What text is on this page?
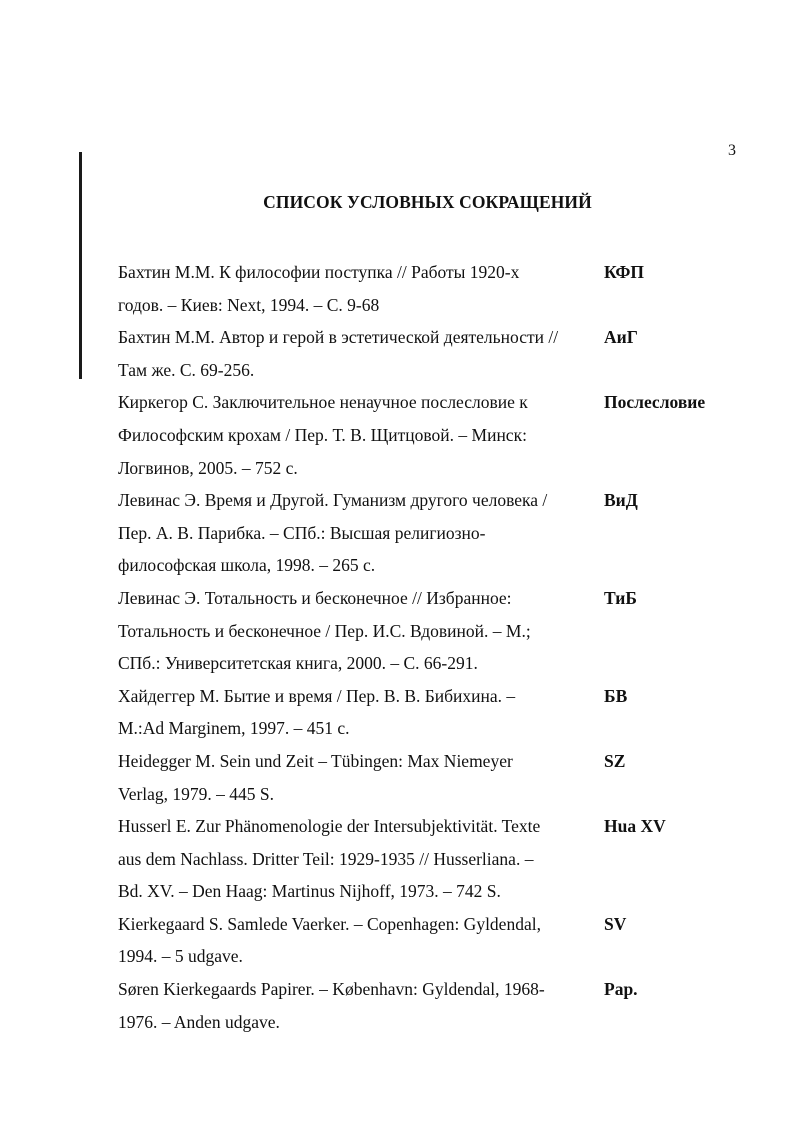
3
СПИСОК УСЛОВНЫХ СОКРАЩЕНИЙ
Бахтин М.М. К философии поступка // Работы 1920-х
годов. – Киев: Next, 1994. – С. 9-68
КФП
Бахтин М.М. Автор и герой в эстетической деятельности //
Там же. С. 69-256.
АиГ
Киркегор С. Заключительное ненаучное послесловие к
Философским крохам / Пер. Т. В. Щитцовой. – Минск:
Логвинов, 2005. – 752 с.
Послесловие
Левинас Э. Время и Другой. Гуманизм другого человека /
Пер. А. В. Парибка. – СПб.: Высшая религиозно-
философская школа, 1998. – 265 с.
ВиД
Левинас Э. Тотальность и бесконечное // Избранное:
Тотальность и бесконечное / Пер. И.С. Вдовиной. – М.;
СПб.: Университетская книга, 2000. – С. 66-291.
ТиБ
Хайдеггер М. Бытие и время / Пер. В. В. Бибихина. –
М.:Ad Marginem, 1997. – 451 с.
БВ
Heidegger M. Sein und Zeit – Tübingen: Max Niemeyer
Verlag, 1979. – 445 S.
SZ
Husserl E. Zur Phänomenologie der Intersubjektivität. Texte
aus dem Nachlass. Dritter Teil: 1929-1935 // Husserliana. –
Bd. XV. – Den Haag: Martinus Nijhoff, 1973. – 742 S.
Hua XV
Kierkegaard S. Samlede Vaerker. – Copenhagen: Gyldendal,
1994. – 5 udgave.
SV
Søren Kierkegaards Papirer. – København: Gyldendal, 1968-
1976. – Anden udgave.
Pap.
